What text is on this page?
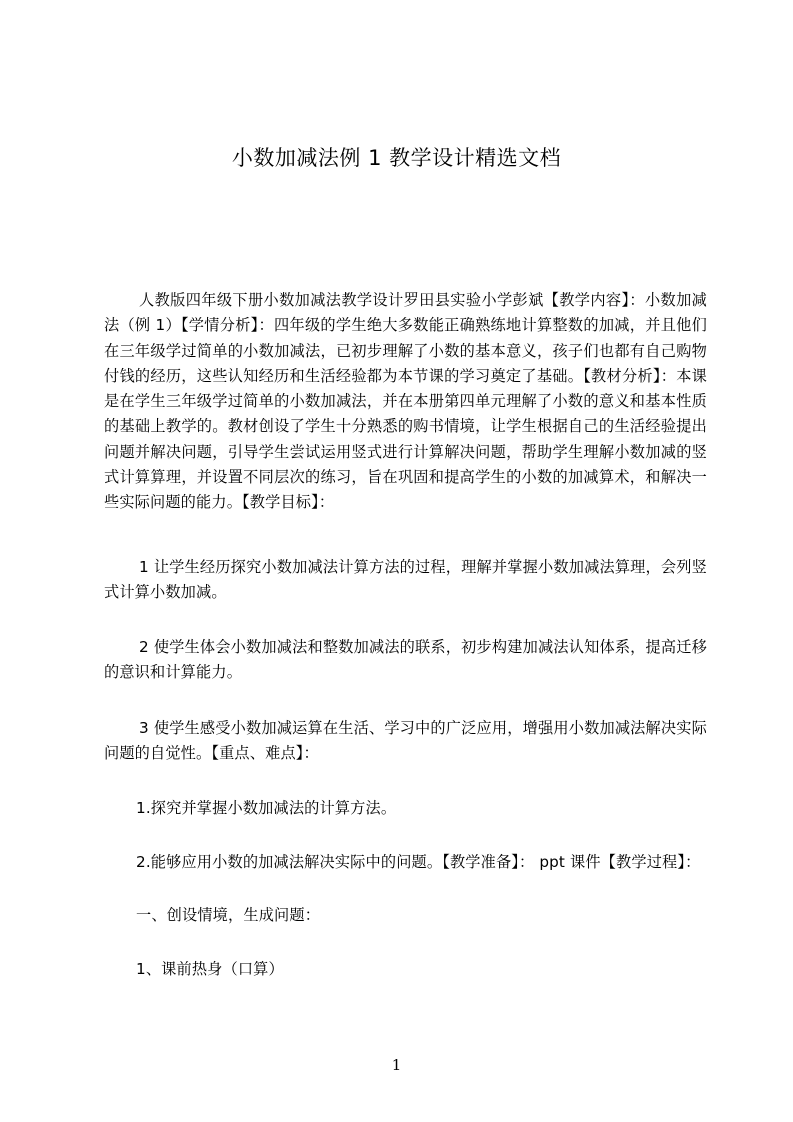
小数加减法例 1 教学设计精选文档

人教版四年级下册小数加减法教学设计罗田县实验小学彭斌【教学内容】：小数加减法（例 1）【学情分析】：四年级的学生绝大多数能正确熟练地计算整数的加减，并且他们在三年级学过简单的小数加减法，已初步理解了小数的基本意义，孩子们也都有自己购物付钱的经历，这些认知经历和生活经验都为本节课的学习奠定了基础。【教材分析】：本课是在学生三年级学过简单的小数加减法，并在本册第四单元理解了小数的意义和基本性质的基础上教学的。教材创设了学生十分熟悉的购书情境，让学生根据自己的生活经验提出问题并解决问题，引导学生尝试运用竖式进行计算解决问题，帮助学生理解小数加减的竖式计算算理，并设置不同层次的练习，旨在巩固和提高学生的小数的加减算术，和解决一些实际问题的能力。【教学目标】：

1 让学生经历探究小数加减法计算方法的过程，理解并掌握小数加减法算理，会列竖式计算小数加减。

2 使学生体会小数加减法和整数加减法的联系，初步构建加减法认知体系，提高迁移的意识和计算能力。

3 使学生感受小数加减运算在生活、学习中的广泛应用，增强用小数加减法解决实际问题的自觉性。【重点、难点】：

1.探究并掌握小数加减法的计算方法。

2.能够应用小数的加减法解决实际中的问题。【教学准备】： ppt 课件【教学过程】：

一、创设情境，生成问题：

1、课前热身（口算）

1
